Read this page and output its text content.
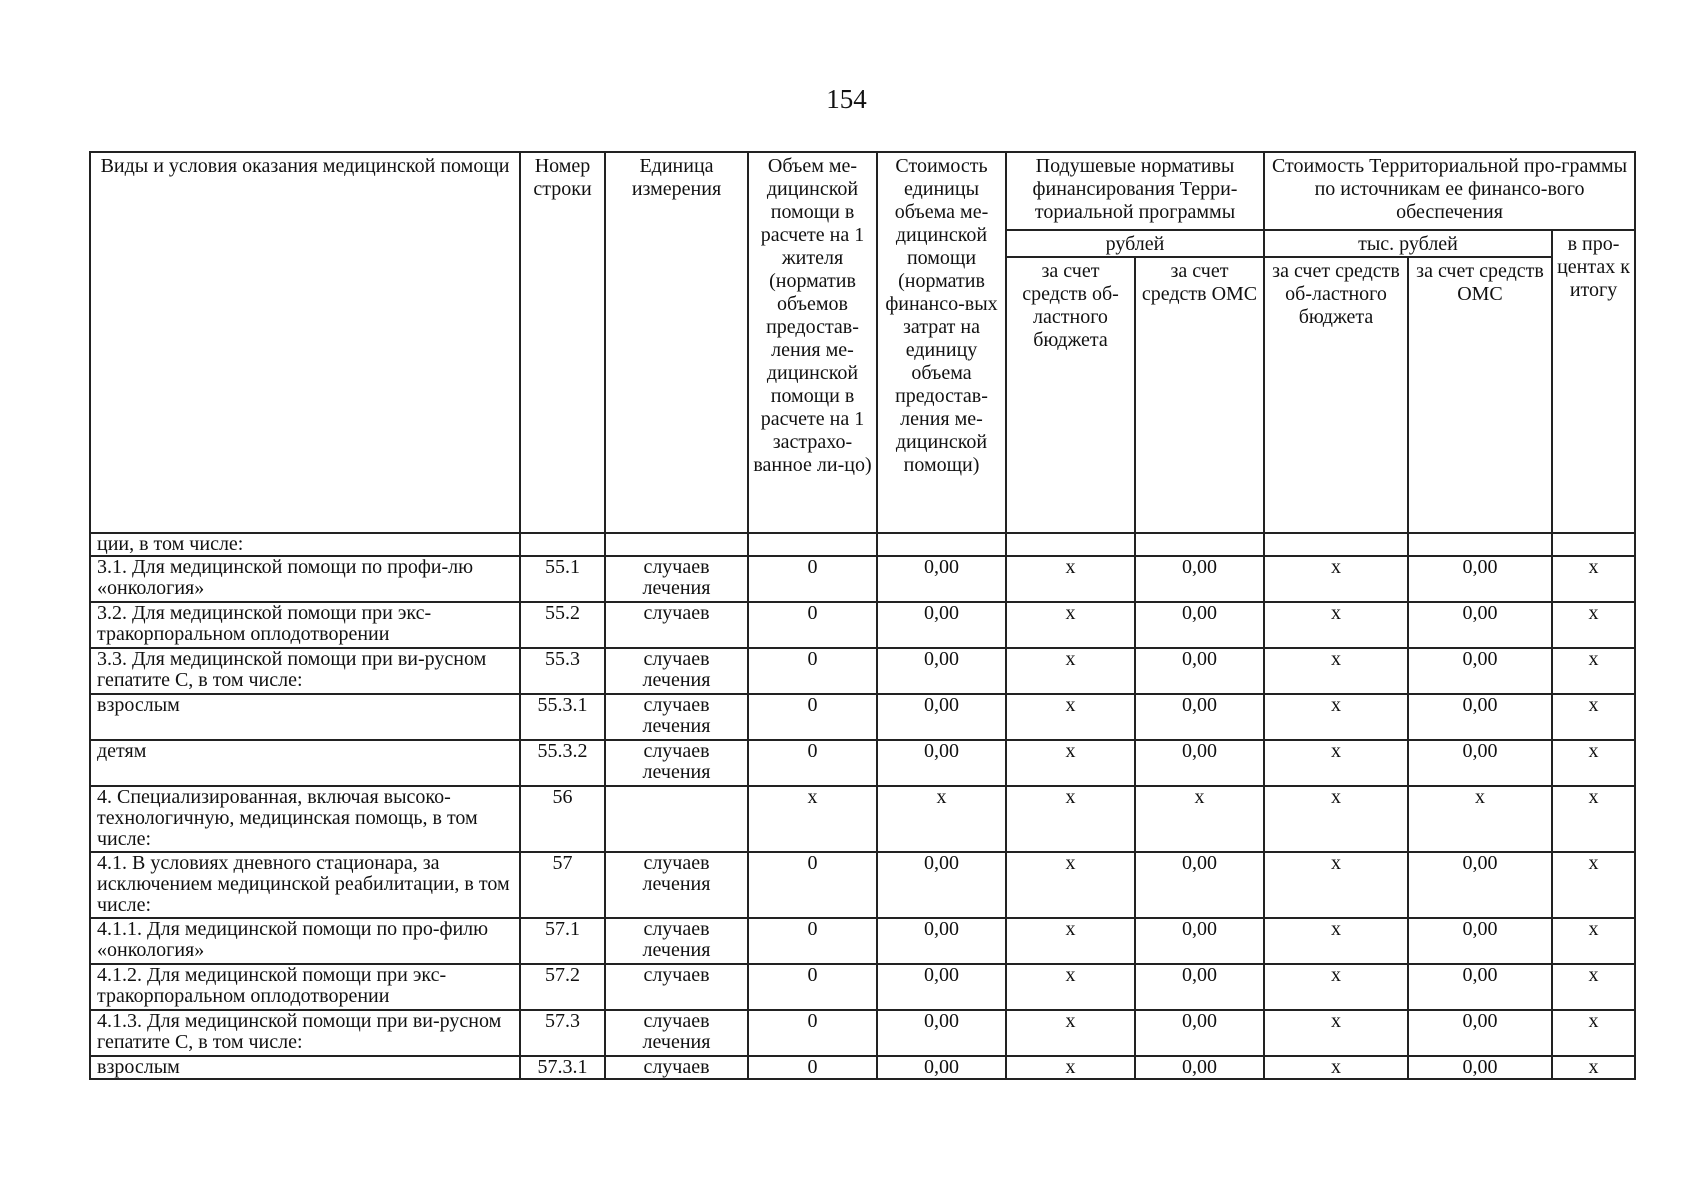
154
Виды и условия оказания медицинской помощи	Номер строки	Единица измерения	Объем ме-дицинской помощи в расчете на 1 жителя (норматив объемов предостав-ления ме-дицинской помощи в расчете на 1 застрахо-ванное ли-цо)	Стоимость единицы объема ме-дицинской помощи (норматив финансо-вых затрат на единицу объема предостав-ления ме-дицинской помощи)	Подушевые нормативы финансирования Терри-ториальной программы		Стоимость Территориальной про-граммы по источникам ее финансо-вого обеспечения		
					рублей		тыс. рублей		в про-центах к итогу
					за счет средств об-ластного бюджета	за счет средств ОМС	за счет средств об-ластного бюджета	за счет средств ОМС	
ции, в том числе:									
3.1. Для медицинской помощи по профи-лю «онкология»	55.1	случаев лечения	0	0,00	х	0,00	х	0,00	х
3.2. Для медицинской помощи при экс-тракорпоральном оплодотворении	55.2	случаев	0	0,00	х	0,00	х	0,00	х
3.3. Для медицинской помощи при ви-русном гепатите С, в том числе:	55.3	случаев лечения	0	0,00	х	0,00	х	0,00	х
взрослым	55.3.1	случаев лечения	0	0,00	х	0,00	х	0,00	х
детям	55.3.2	случаев лечения	0	0,00	х	0,00	х	0,00	х
4. Специализированная, включая высоко-технологичную, медицинская помощь, в том числе:	56		х	х	х	х	х	х	х
4.1. В условиях дневного стационара, за исключением медицинской реабилитации, в том числе:	57	случаев лечения	0	0,00	х	0,00	х	0,00	х
4.1.1. Для медицинской помощи по про-филю «онкология»	57.1	случаев лечения	0	0,00	х	0,00	х	0,00	х
4.1.2. Для медицинской помощи при экс-тракорпоральном оплодотворении	57.2	случаев	0	0,00	х	0,00	х	0,00	х
4.1.3. Для медицинской помощи при ви-русном гепатите С, в том числе:	57.3	случаев лечения	0	0,00	х	0,00	х	0,00	х
взрослым	57.3.1	случаев	0	0,00	х	0,00	х	0,00	х
